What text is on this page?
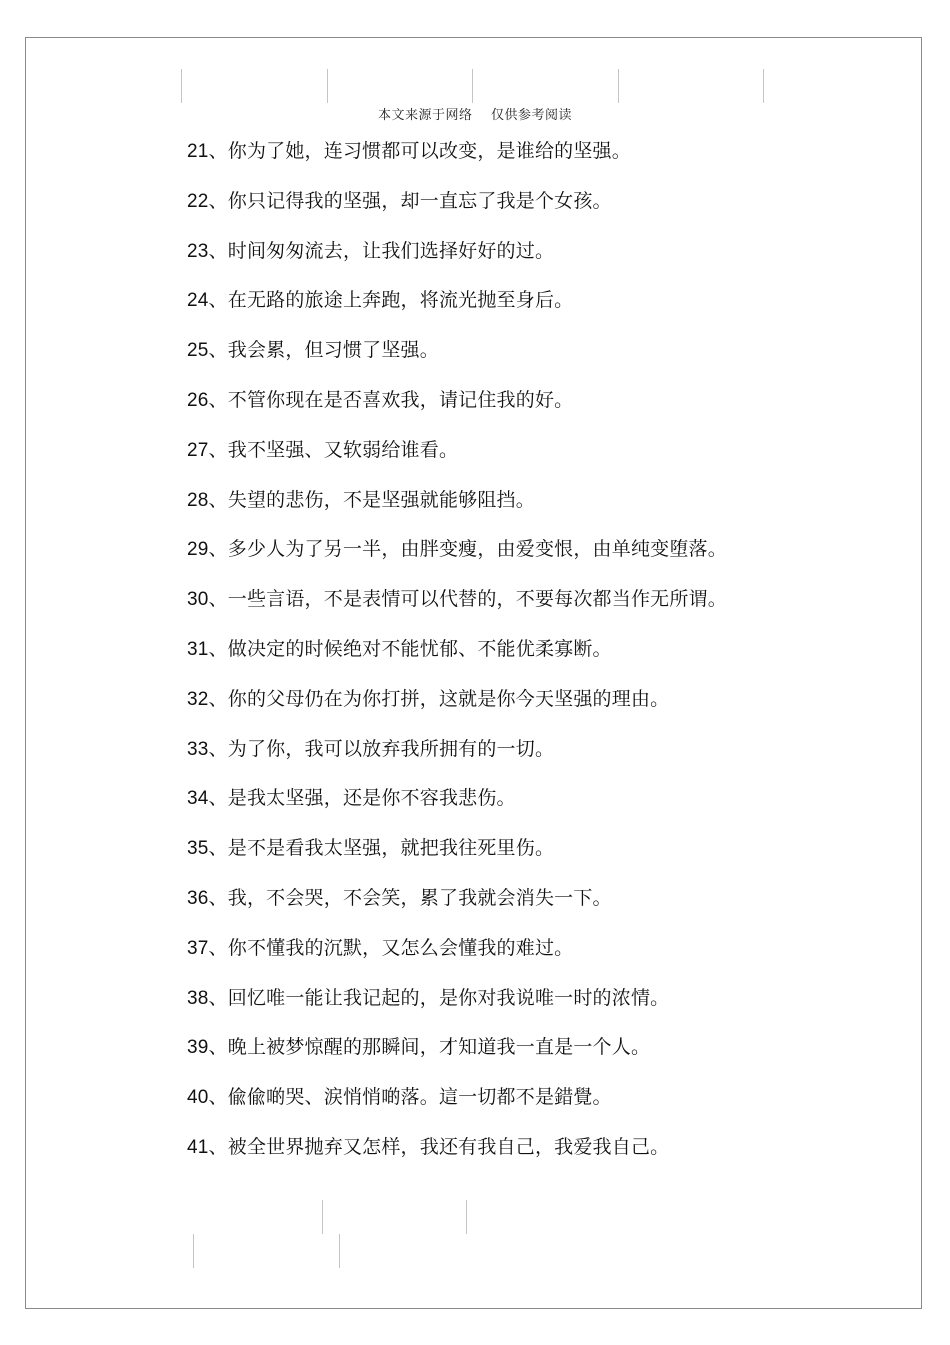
本文来源于网络    仅供参考阅读
21、你为了她，连习惯都可以改变，是谁给的坚强。
22、你只记得我的坚强，却一直忘了我是个女孩。
23、时间匆匆流去，让我们选择好好的过。
24、在无路的旅途上奔跑，将流光抛至身后。
25、我会累，但习惯了坚强。
26、不管你现在是否喜欢我，请记住我的好。
27、我不坚强、又软弱给谁看。
28、失望的悲伤，不是坚强就能够阻挡。
29、多少人为了另一半，由胖变瘦，由爱变恨，由单纯变堕落。
30、一些言语，不是表情可以代替的，不要每次都当作无所谓。
31、做决定的时候绝对不能忧郁、不能优柔寡断。
32、你的父母仍在为你打拼，这就是你今天坚强的理由。
33、为了你，我可以放弃我所拥有的一切。
34、是我太坚强，还是你不容我悲伤。
35、是不是看我太坚强，就把我往死里伤。
36、我，不会哭，不会笑，累了我就会消失一下。
37、你不懂我的沉默，又怎么会懂我的难过。
38、回忆唯一能让我记起的，是你对我说唯一时的浓情。
39、晚上被梦惊醒的那瞬间，才知道我一直是一个人。
40、偸偸啲哭、涙悄悄啲落。這一切都不是錯覺。
41、被全世界抛弃又怎样，我还有我自己，我爱我自己。
